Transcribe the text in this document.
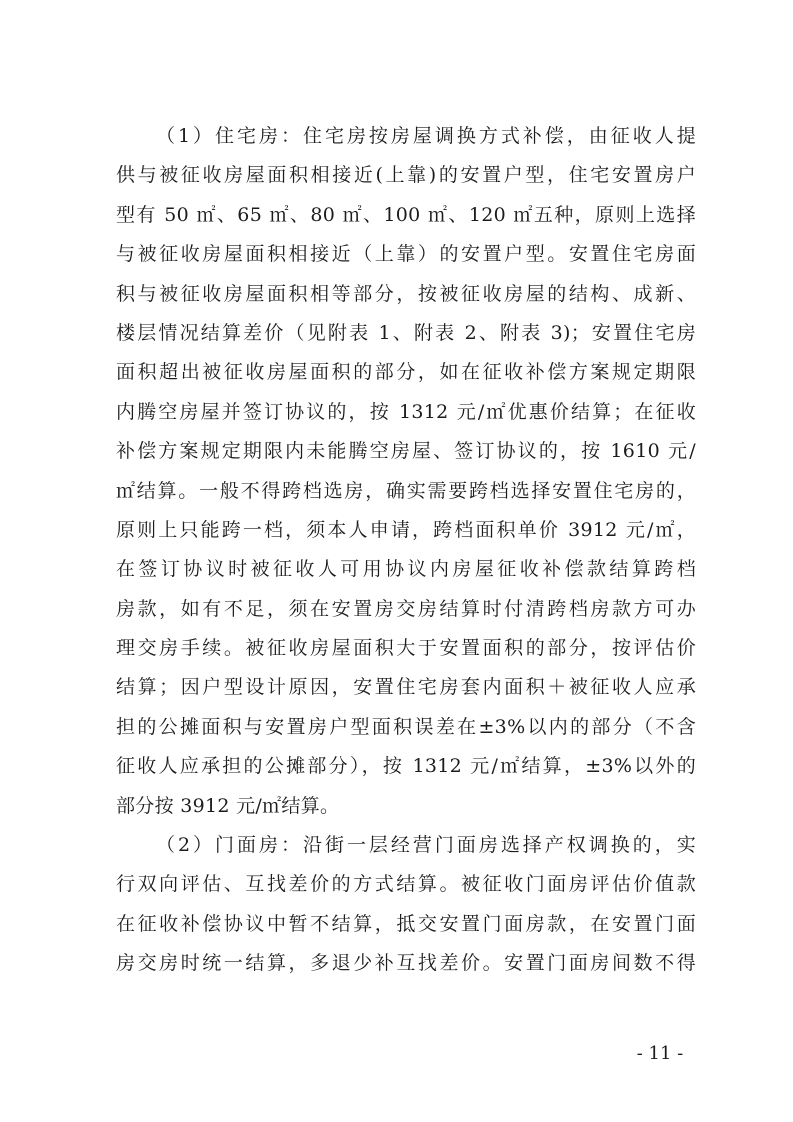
（1）住宅房：住宅房按房屋调换方式补偿，由征收人提
供与被征收房屋面积相接近(上靠)的安置户型，住宅安置房户
型有 50 ㎡、65 ㎡、80 ㎡、100 ㎡、120 ㎡五种，原则上选择
与被征收房屋面积相接近（上靠）的安置户型。安置住宅房面
积与被征收房屋面积相等部分，按被征收房屋的结构、成新、
楼层情况结算差价（见附表 1、附表 2、附表 3)；安置住宅房
面积超出被征收房屋面积的部分，如在征收补偿方案规定期限
内腾空房屋并签订协议的，按 1312 元/㎡优惠价结算；在征收
补偿方案规定期限内未能腾空房屋、签订协议的，按 1610 元/
㎡结算。一般不得跨档选房，确实需要跨档选择安置住宅房的，
原则上只能跨一档，须本人申请，跨档面积单价 3912 元/㎡，
在签订协议时被征收人可用协议内房屋征收补偿款结算跨档
房款，如有不足，须在安置房交房结算时付清跨档房款方可办
理交房手续。被征收房屋面积大于安置面积的部分，按评估价
结算；因户型设计原因，安置住宅房套内面积＋被征收人应承
担的公摊面积与安置房户型面积误差在±3%以内的部分（不含
征收人应承担的公摊部分），按 1312 元/㎡结算，±3%以外的
部分按 3912 元/㎡结算。
（2）门面房：沿街一层经营门面房选择产权调换的，实
行双向评估、互找差价的方式结算。被征收门面房评估价值款
在征收补偿协议中暂不结算，抵交安置门面房款，在安置门面
房交房时统一结算，多退少补互找差价。安置门面房间数不得
- 11 -
